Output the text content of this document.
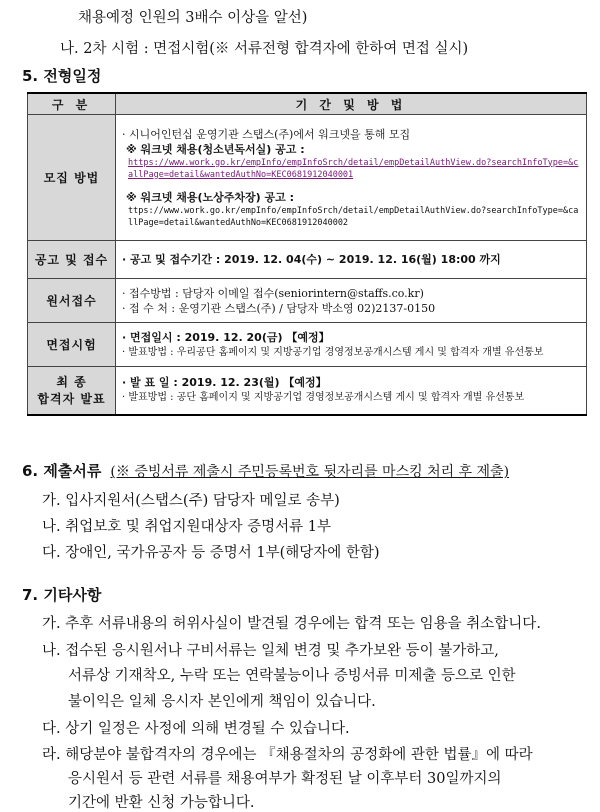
채용예정 인원의 3배수 이상을 알선)
나. 2차 시험 : 면접시험(※ 서류전형 합격자에 한하여 면접 실시)
5. 전형일정
구 분	기 간 및 방 법
모집 방법	· 시니어인턴십 운영기관 스탭스(주)에서 워크넷을 통해 모집
※ 워크넷 채용(청소년독서실) 공고 :
https://www.work.go.kr/empInfo/empInfoSrch/detail/empDetailAuthView.do?searchInfoType=&callPage=detail&wantedAuthNo=KEC0681912040001
※ 워크넷 채용(노상주차장) 공고 :
ttps://www.work.go.kr/empInfo/empInfoSrch/detail/empDetailAuthView.do?searchInfoType=&callPage=detail&wantedAuthNo=KEC0681912040002

공고 및 접수	· 공고 및 접수기간 : 2019. 12. 04(수) ~ 2019. 12. 16(월) 18:00 까지

원서접수	· 접수방법 : 담당자 이메일 접수(seniorintern@staffs.co.kr)
· 접 수 처 : 운영기관 스탭스(주) / 담당자 박소영 02)2137-0150

면접시험	· 면접일시 : 2019. 12. 20(금) 【예정】
· 발표방법 : 우리공단 홈페이지 및 지방공기업 경영정보공개시스템 게시 및 합격자 개별 유선통보

최 종
합격자 발표	· 발 표 일 : 2019. 12. 23(월) 【예정】
· 발표방법 : 공단 홈페이지 및 지방공기업 경영정보공개시스템 게시 및 합격자 개별 유선통보
6. 제출서류 (※ 증빙서류 제출시 주민등록번호 뒷자리를 마스킹 처리 후 제출)
가. 입사지원서(스탭스(주) 담당자 메일로 송부)
나. 취업보호 및 취업지원대상자 증명서류 1부
다. 장애인, 국가유공자 등 증명서 1부(해당자에 한함)
7. 기타사항
가. 추후 서류내용의 허위사실이 발견될 경우에는 합격 또는 임용을 취소합니다.
나. 접수된 응시원서나 구비서류는 일체 변경 및 추가보완 등이 불가하고,
서류상 기재착오, 누락 또는 연락불능이나 증빙서류 미제출 등으로 인한
불이익은 일체 응시자 본인에게 책임이 있습니다.
다. 상기 일정은 사정에 의해 변경될 수 있습니다.
라. 해당분야 불합격자의 경우에는 『채용절차의 공정화에 관한 법률』에 따라
응시원서 등 관련 서류를 채용여부가 확정된 날 이후부터 30일까지의
기간에 반환 신청 가능합니다.
